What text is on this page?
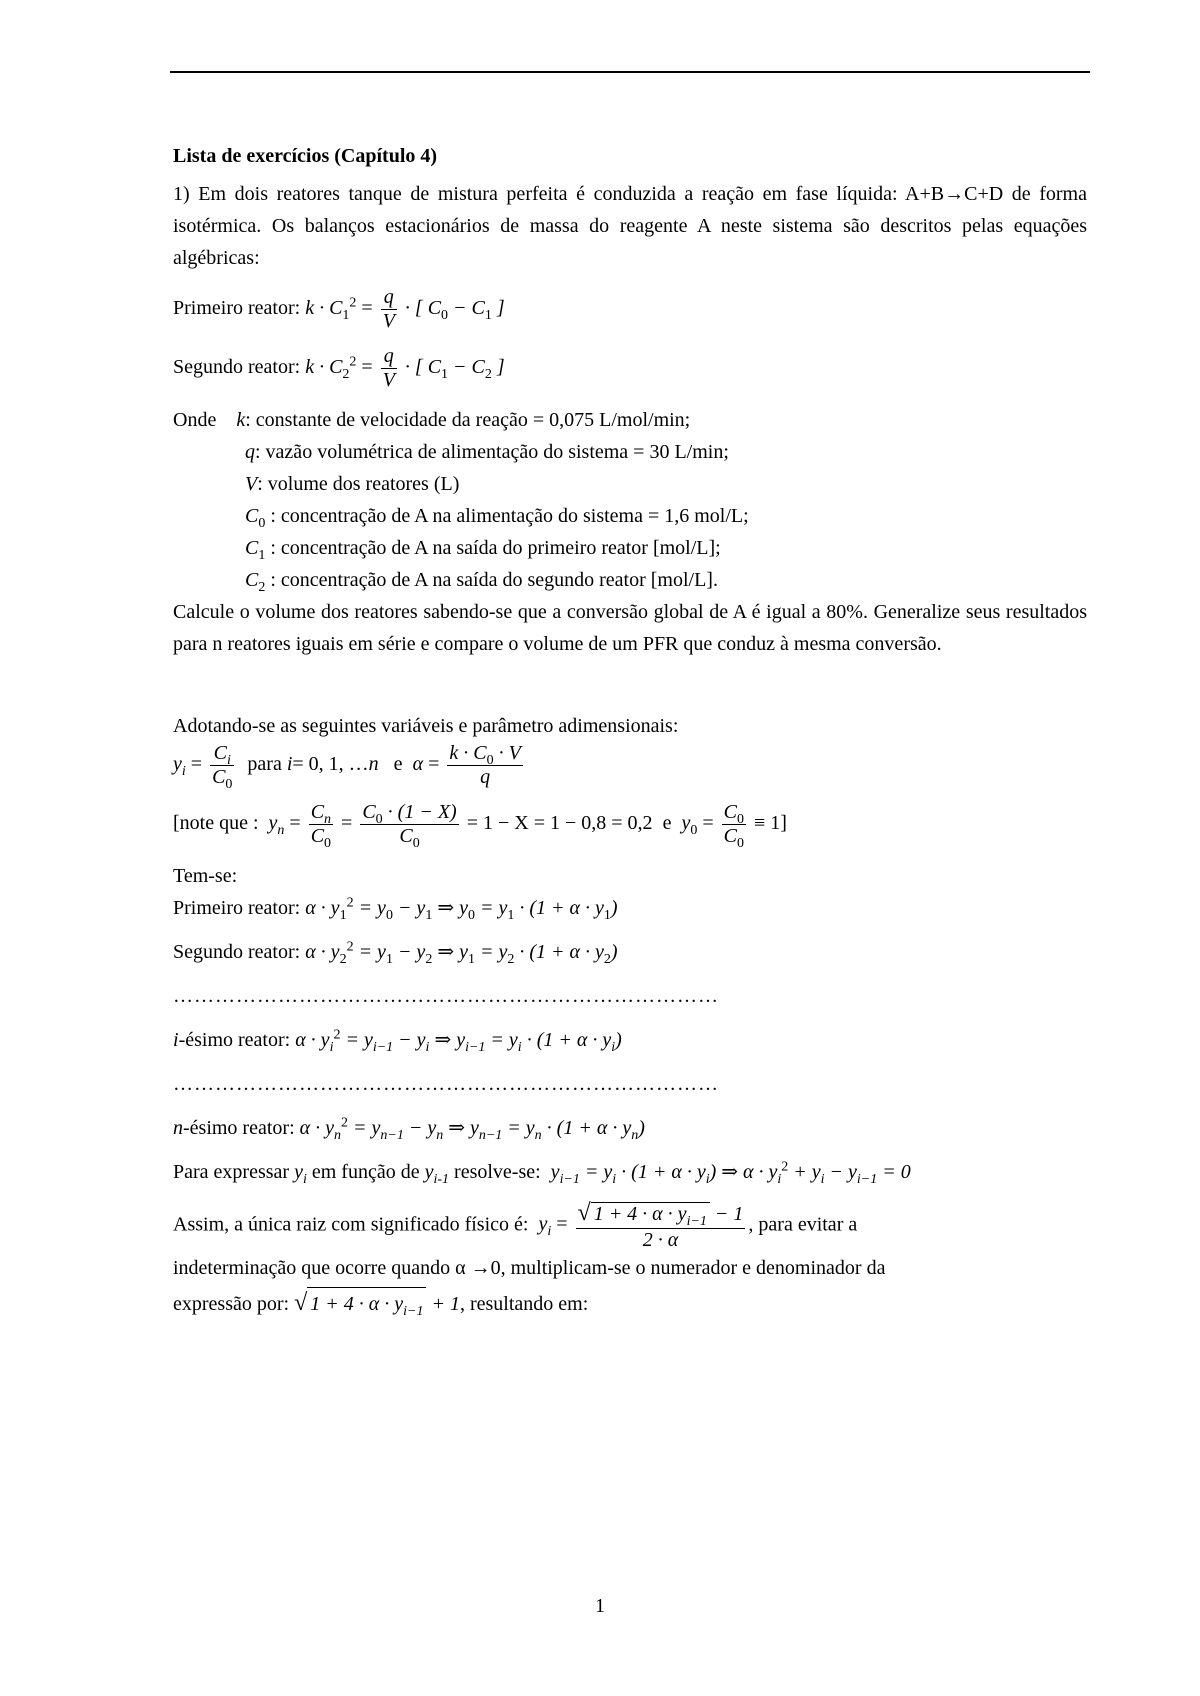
Lista de exercícios (Capítulo 4)

1) Em dois reatores tanque de mistura perfeita é conduzida a reação em fase líquida: A+B→C+D de forma isotérmica. Os balanços estacionários de massa do reagente A neste sistema são descritos pelas equações algébricas:

Primeiro reator: $k \cdot C_1^2 = \frac{q}{V}$ · [ $C_0 - C_1$ ]

Segundo reator: $k \cdot C_2^2 = \frac{q}{V}$ · [ $C_1 - C_2$ ]

Onde k: constante de velocidade da reação = 0,075 L/mol/min;

q: vazão volumétrica de alimentação do sistema = 30 L/min;

V: volume dos reatores (L)

$C_0$ : concentração de A na alimentação do sistema = 1,6 mol/L;

$C_1$ : concentração de A na saída do primeiro reator [mol/L];

$C_2$ : concentração de A na saída do segundo reator [mol/L].

Calcule o volume dos reatores sabendo-se que a conversão global de A é igual a 80%. Generalize seus resultados para n reatores iguais em série e compare o volume de um PFR que conduz à mesma conversão.

Adotando-se as seguintes variáveis e parâmetro adimensionais:

$y_i = \frac{C_i}{C_0}$ para i= 0, 1, …n e $\alpha = \frac{k \cdot C_0 \cdot V}{q}$

[note que : $y_n = \frac{C_n}{C_0} = \frac{C_0 \cdot (1 - X)}{C_0} = 1 - X = 1 - 0,8 = 0,2$ e $y_0 = \frac{C_0}{C_0} \equiv 1$]

Tem-se:

Primeiro reator: $\alpha \cdot y_1^2 = y_0 - y_1$ ⇒ $y_0 = y_1 \cdot (1 + \alpha \cdot y_1)$

Segundo reator: $\alpha \cdot y_2^2 = y_1 - y_2$ ⇒ $y_1 = y_2 \cdot (1 + \alpha \cdot y_2)$

……………………………………………………………………

i-ésimo reator: $\alpha \cdot y_i^2 = y_{i-1} - y_i$ ⇒ $y_{i-1} = y_i \cdot (1 + \alpha \cdot y_i)$

……………………………………………………………………

n-ésimo reator: $\alpha \cdot y_n^2 = y_{n-1} - y_n$ ⇒ $y_{n-1} = y_n \cdot (1 + \alpha \cdot y_n)$

Para expressar $y_i$ em função de $y_{i-1}$ resolve-se: $y_{i-1} = y_i \cdot (1 + \alpha \cdot y_i)$ ⇒ $\alpha \cdot y_i^2 + y_i - y_{i-1} = 0$

Assim, a única raiz com significado físico é: $y_i = \frac{√ 1 + 4 \cdot \alpha \cdot y_{i-1} - 1}{2 \cdot \alpha}$ , para evitar a

indeterminação que ocorre quando α →0, multiplicam-se o numerador e denominador da

expressão por: √ $1 + 4 \cdot \alpha \cdot y_{i-1} + 1$, resultando em:

1
